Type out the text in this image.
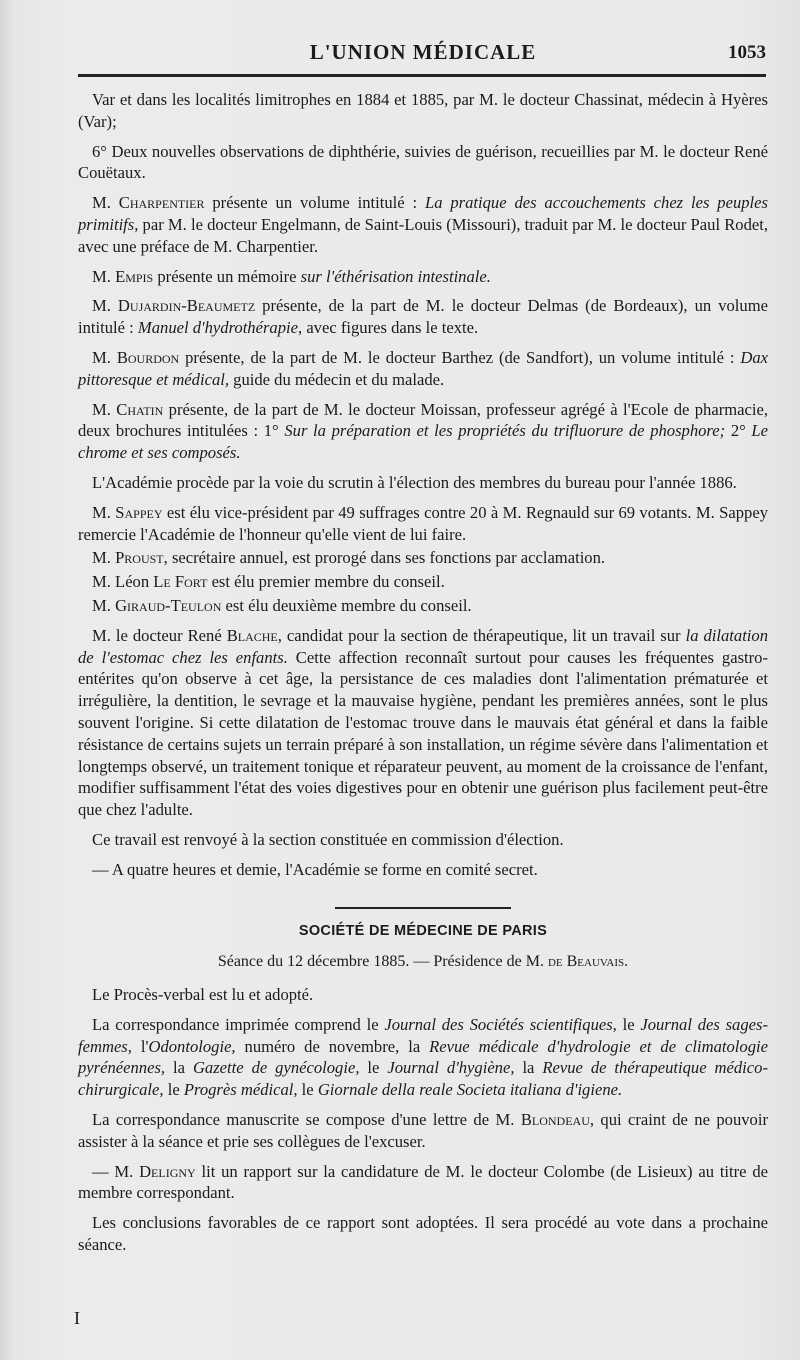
L'UNION MÉDICALE	1053

Var et dans les localités limitrophes en 1884 et 1885, par M. le docteur Chassinat, médecin à Hyères (Var);

6° Deux nouvelles observations de diphthérie, suivies de guérison, recueillies par M. le docteur René Couëtaux.

M. Charpentier présente un volume intitulé : La pratique des accouchements chez les peuples primitifs, par M. le docteur Engelmann, de Saint-Louis (Missouri), traduit par M. le docteur Paul Rodet, avec une préface de M. Charpentier.

M. Empis présente un mémoire sur l'éthérisation intestinale.

M. Dujardin-Beaumetz présente, de la part de M. le docteur Delmas (de Bordeaux), un volume intitulé : Manuel d'hydrothérapie, avec figures dans le texte.

M. Bourdon présente, de la part de M. le docteur Barthez (de Sandfort), un volume intitulé : Dax pittoresque et médical, guide du médecin et du malade.

M. Chatin présente, de la part de M. le docteur Moissan, professeur agrégé à l'Ecole de pharmacie, deux brochures intitulées : 1° Sur la préparation et les propriétés du trifluorure de phosphore; 2° Le chrome et ses composés.

L'Académie procède par la voie du scrutin à l'élection des membres du bureau pour l'année 1886.

M. Sappey est élu vice-président par 49 suffrages contre 20 à M. Regnauld sur 69 votants. M. Sappey remercie l'Académie de l'honneur qu'elle vient de lui faire.

M. Proust, secrétaire annuel, est prorogé dans ses fonctions par acclamation.

M. Léon Le Fort est élu premier membre du conseil.

M. Giraud-Teulon est élu deuxième membre du conseil.

M. le docteur René Blache, candidat pour la section de thérapeutique, lit un travail sur la dilatation de l'estomac chez les enfants. Cette affection reconnaît surtout pour causes les fréquentes gastro-entérites qu'on observe à cet âge, la persistance de ces maladies dont l'alimentation prématurée et irrégulière, la dentition, le sevrage et la mauvaise hygiène, pendant les premières années, sont le plus souvent l'origine. Si cette dilatation de l'estomac trouve dans le mauvais état général et dans la faible résistance de certains sujets un terrain préparé à son installation, un régime sévère dans l'alimentation et longtemps observé, un traitement tonique et réparateur peuvent, au moment de la croissance de l'enfant, modifier suffisamment l'état des voies digestives pour en obtenir une guérison plus facilement peut-être que chez l'adulte.

Ce travail est renvoyé à la section constituée en commission d'élection.

— A quatre heures et demie, l'Académie se forme en comité secret.

SOCIÉTÉ DE MÉDECINE DE PARIS
Séance du 12 décembre 1885. — Présidence de M. de Beauvais.

Le Procès-verbal est lu et adopté.

La correspondance imprimée comprend le Journal des Sociétés scientifiques, le Journal des sages-femmes, l'Odontologie, numéro de novembre, la Revue médicale d'hydrologie et de climatologie pyrénéennes, la Gazette de gynécologie, le Journal d'hygiène, la Revue de thérapeutique médico-chirurgicale, le Progrès médical, le Giornale della reale Societa italiana d'igiene.

La correspondance manuscrite se compose d'une lettre de M. Blondeau, qui craint de ne pouvoir assister à la séance et prie ses collègues de l'excuser.

— M. Deligny lit un rapport sur la candidature de M. le docteur Colombe (de Lisieux) au titre de membre correspondant.

Les conclusions favorables de ce rapport sont adoptées. Il sera procédé au vote dans a prochaine séance.

I
